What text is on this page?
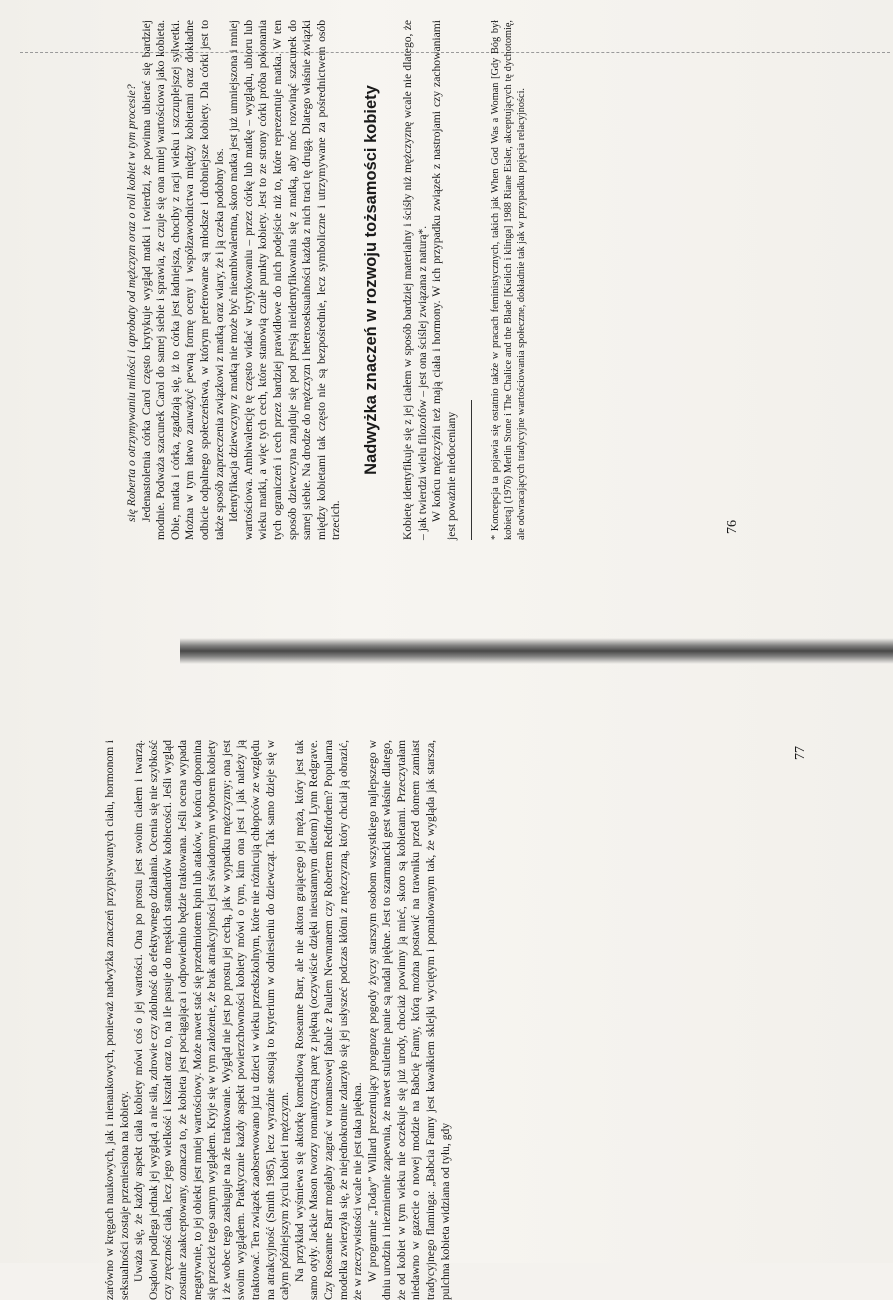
się Roberta o otrzymywaniu miłości i aprobaty od mężczyzn oraz o roli kobiet w tym procesie? Jedenastoletnia córka Carol często krytykuje wygląd matki i twierdzi, że powinna ubierać się bardziej modnie. Podważa szacunek Carol do samej siebie i sprawia, że czuje się ona mniej wartościowa jako kobieta. Obie, matka i córka, zgadzają się, iż to córka jest ładniejsza, chociby z racji wieku i szczuplejszej sylwetki. Można w tym łatwo zauważyć pewną formę oceny i współzawodnictwa między kobietami oraz dokładne odbicie odpalnego społeczeństwa, w którym preferowane są młodsze i drobniejsze kobiety. Dla córki jest to także sposób zaprzeczenia związkowi z matką oraz wiary, że i ją czeka podobny los. Identyfikacja dziewczyny z matką nie może być nieambiwalentna, skoro matka jest już umniejszona i mniej wartościowa. Ambiwalencję tę często widać w krytykowaniu – przez córkę lub matkę – wyglądu, ubioru lub wieku matki, a więc tych cech, które stanowią czułe punkty kobiety. Jest to ze strony córki próba pokonania tych ograniczeń i cech przez bardziej prawidłowe do nich podejście niż to, które reprezentuje matka. W ten sposób dziewczyna znajduje się pod presją nieidentyfikowania się z matką, aby móc rozwinąć szacunek do samej siebie. Na drodze do mężczyzn i heteroseksualności każda z nich traci tę drugą. Dlatego właśnie związki między kobietami tak często nie są bezpośrednie, lecz symboliczne i utrzymywane za pośrednictwem osób trzecich.

Nadwyżka znaczeń w rozwoju tożsamości kobiety Kobietę identyfikuje się z jej ciałem w sposób bardziej materialny i ściśły niż mężczyznę wcale nie dlatego, że – jak twierdzi wielu filozofów – jest ona ściślej związana z naturą*. W końcu mężczyźni też mają ciała i hormony. W ich przypadku związek z nastrojami czy zachowaniami jest poważnie niedoceniany	* Koncepcja ta pojawia się ostatnio także w pracach feministycznych, takich jak When God Was a Woman [Gdy Bóg był kobietą] (1976) Merlin Stone i The Chalice and the Blade [Kielich i klinga] 1988 Riane Eisler, akceptujących tę dychotomię, ale odwracających tradycyjne wartościowania społeczne, dokładnie tak jak w przypadku pojęcia relacyjności.	76

zarówno w kręgach naukowych, jak i nienaukowych, ponieważ nadwyżka znaczeń przypisywanych ciału, hormonom i seksualności zostaje przeniesiona na kobiety. Uważa się, że każdy aspekt ciała kobiety mówi coś o jej wartości. Ona po prostu jest swoim ciałem i twarzą. Osądowi podlega jednak jej wygląd, a nie siła, zdrowie czy zdolność do efektywnego działania. Ocenia się nie szybkość czy zręczność ciała, lecz jego wielkość i kształt oraz to, na ile pasuje do męskich standardów kobiecości. Jeśli wygląd zostanie zaakceptowany, oznacza to, że kobieta jest pociągająca i odpowiednio będzie traktowana. Jeśli ocena wypada negatywnie, to jej obiekt jest mniej wartościowy. Może nawet stać się przedmiotem kpin lub ataków, w końcu dopomina się przecież tego samym wyglądem. Kryje się w tym założenie, że brak atrakcyjności jest świadomym wyborem kobiety i że wobec tego zasługuje na złe traktowanie. Wygląd nie jest po prostu jej cechą, jak w wypadku mężczyzny; ona jest swoim wyglądem. Praktycznie każdy aspekt powierzchowności kobiety mówi o tym, kim ona jest i jak należy ją traktować. Ten związek zaobserwowano już u dzieci w wieku przedszkolnym, które nie różnicują chłopców ze względu na atrakcyjność (Smith 1985), lecz wyraźnie stosują to kryterium w odniesieniu do dziewcząt. Tak samo dzieje się w całym późniejszym życiu kobiet i mężczyzn. Na przykład wyśmiewa się aktorkę komediową Roseanne Barr, ale nie aktora grającego jej męża, który jest tak samo otyły. Jackie Mason tworzy romantyczną parę z piękną (oczywiście dzięki nieustannym dietom) Lynn Redgrave. Czy Roseanne Barr mogłaby zagrać w romansowej fabule z Paulem Newmanem czy Robertem Redfordem? Popularna modelka zwierzyła się, że niejednokrotnie zdarzyło się jej usłyszeć podczas kłótni z mężczyzną, który chciał ją obrazić, że w rzeczywistości wcale nie jest taka piękna. W programie „Today” Willard prezentujący prognozę pogody życzy starszym osobom wszystkiego najlepszego w dniu urodzin i niezmiennie zapewnia, że nawet stuletnie panie są nadal piękne. Jest to szarmancki gest właśnie dlatego, że od kobiet w tym wieku nie oczekuje się już urody, chociaż powinny ją mieć, skoro są kobietami. Przeczytałam niedawno w gazecie o nowej modzie na Babcię Fanny, którą można postawić na trawniku przed domem zamiast tradycyjnego flaminga: „Babcia Fanny jest kawałkiem sklejki wyciętym i pomalowanym tak, że wygląda jak starsza, pulchna kobieta widziana od tyłu, gdy

77
